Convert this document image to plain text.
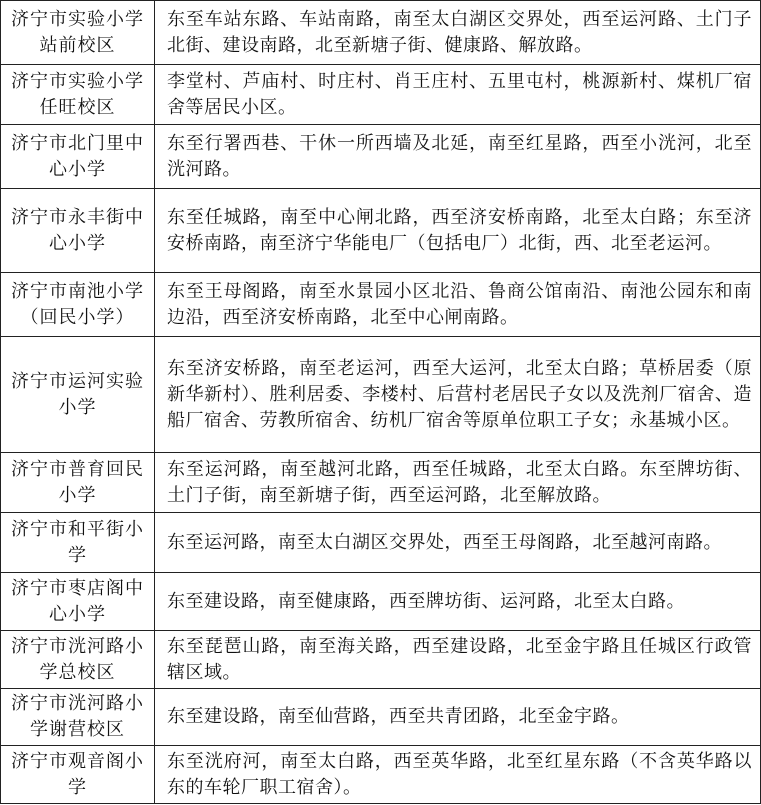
济宁市实验小学站前校区	东至车站东路、车站南路，南至太白湖区交界处，西至运河路、土门子北街、建设南路，北至新塘子街、健康路、解放路。

济宁市实验小学任旺校区	李堂村、芦庙村、时庄村、肖王庄村、五里屯村，桃源新村、煤机厂宿舍等居民小区。

济宁市北门里中心小学	东至行署西巷、干休一所西墙及北延，南至红星路，西至小洸河，北至洸河路。

济宁市永丰街中心小学	东至任城路，南至中心闸北路，西至济安桥南路，北至太白路；东至济安桥南路，南至济宁华能电厂（包括电厂）北街，西、北至老运河。

济宁市南池小学（回民小学）	东至王母阁路，南至水景园小区北沿、鲁商公馆南沿、南池公园东和南边沿，西至济安桥南路，北至中心闸南路。

济宁市运河实验小学	东至济安桥路，南至老运河，西至大运河，北至太白路；草桥居委（原新华新村）、胜利居委、李楼村、后营村老居民子女以及洗剂厂宿舍、造船厂宿舍、劳教所宿舍、纺机厂宿舍等原单位职工子女；永基城小区。

济宁市普育回民小学	东至运河路，南至越河北路，西至任城路，北至太白路。东至牌坊街、土门子街，南至新塘子街，西至运河路，北至解放路。

济宁市和平街小学	东至运河路，南至太白湖区交界处，西至王母阁路，北至越河南路。

济宁市枣店阁中心小学	东至建设路，南至健康路，西至牌坊街、运河路，北至太白路。

济宁市洸河路小学总校区	东至琵琶山路，南至海关路，西至建设路，北至金宇路且任城区行政管辖区域。

济宁市洸河路小学谢营校区	东至建设路，南至仙营路，西至共青团路，北至金宇路。

济宁市观音阁小学	东至洸府河，南至太白路，西至英华路，北至红星东路（不含英华路以东的车轮厂职工宿舍）。
